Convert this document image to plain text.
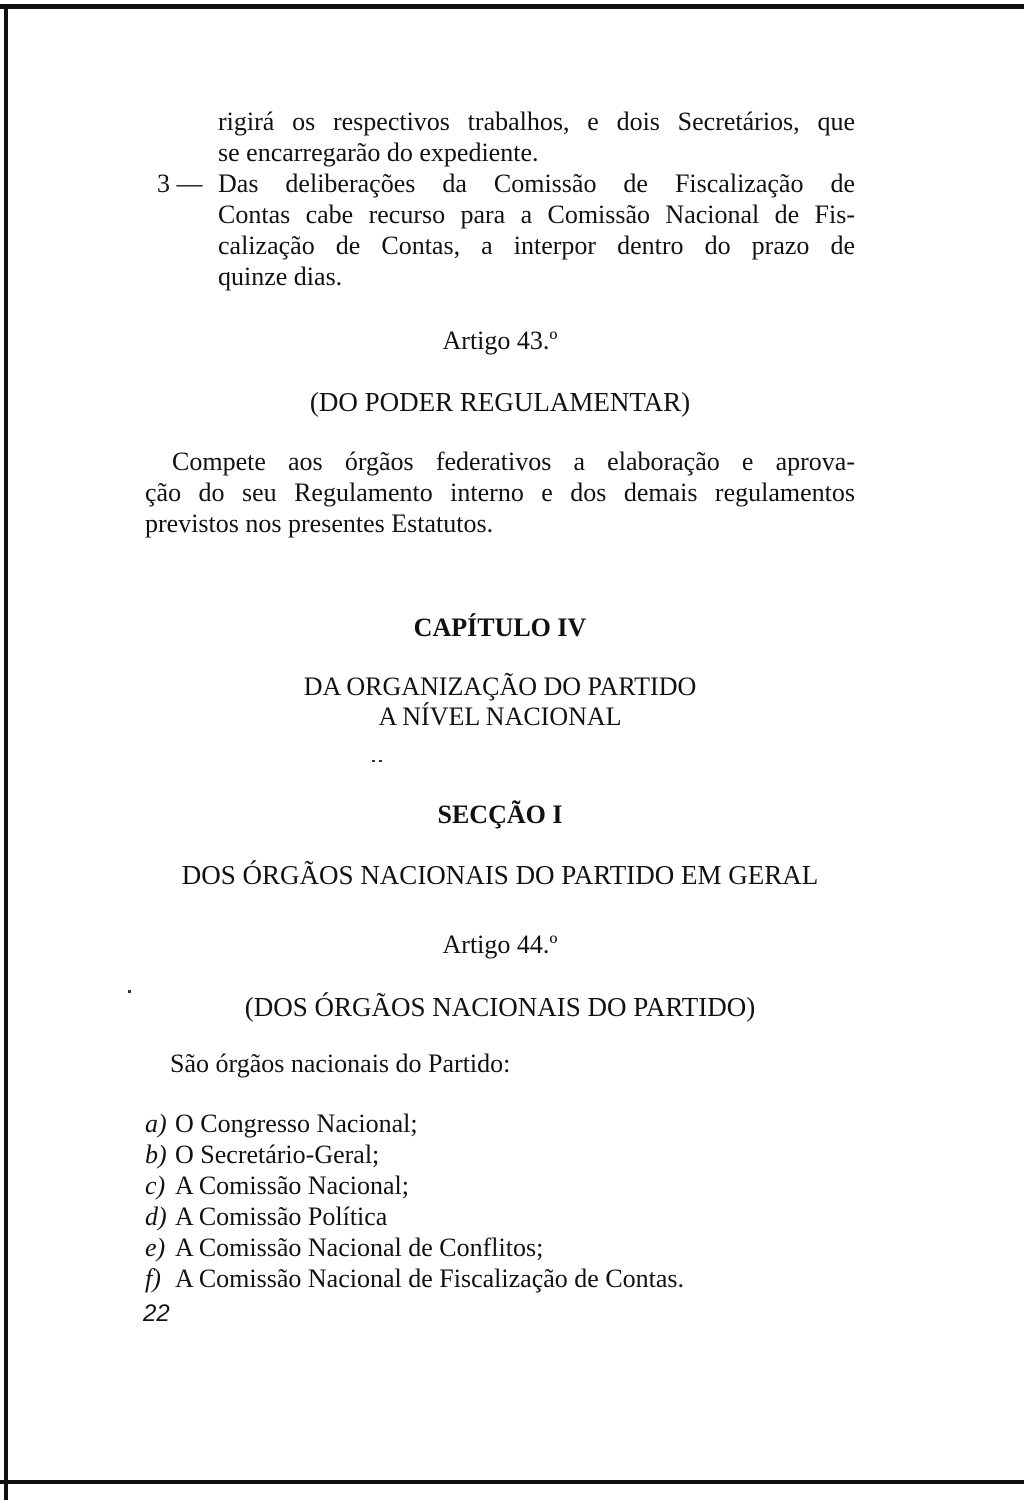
rigirá os respectivos trabalhos, e dois Secretários, que
se encarregarão do expediente.
3 — Das deliberações da Comissão de Fiscalização de
Contas cabe recurso para a Comissão Nacional de Fis-
calização de Contas, a interpor dentro do prazo de
quinze dias.
Artigo 43.º
(DO PODER REGULAMENTAR)
Compete aos órgãos federativos a elaboração e aprova-
ção do seu Regulamento interno e dos demais regulamentos
previstos nos presentes Estatutos.
CAPÍTULO IV
DA ORGANIZAÇÃO DO PARTIDO
A NÍVEL NACIONAL
SECÇÃO I
DOS ÓRGÃOS NACIONAIS DO PARTIDO EM GERAL
Artigo 44.º
(DOS ÓRGÃOS NACIONAIS DO PARTIDO)
São órgãos nacionais do Partido:
a) O Congresso Nacional;
b) O Secretário-Geral;
c) A Comissão Nacional;
d) A Comissão Política
e) A Comissão Nacional de Conflitos;
f) A Comissão Nacional de Fiscalização de Contas.
22
